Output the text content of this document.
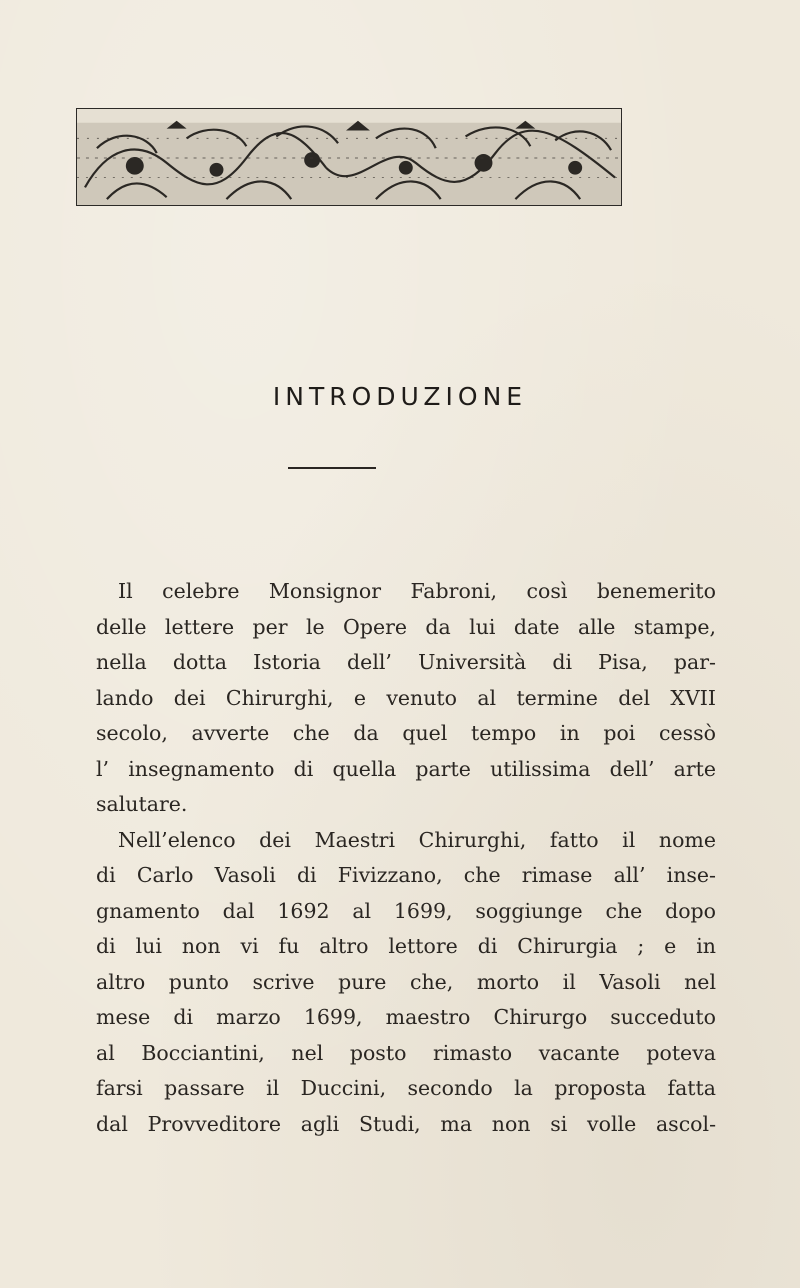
INTRODUZIONE
Il celebre Monsignor Fabroni, così benemerito
delle lettere per le Opere da lui date alle stampe,
nella dotta Istoria dell’ Università di Pisa, par-
lando dei Chirurghi, e venuto al termine del XVII
secolo, avverte che da quel tempo in poi cessò
l’ insegnamento di quella parte utilissima dell’ arte
salutare.
Nell’elenco dei Maestri Chirurghi, fatto il nome
di Carlo Vasoli di Fivizzano, che rimase all’ inse-
gnamento dal 1692 al 1699, soggiunge che dopo
di lui non vi fu altro lettore di Chirurgia ; e in
altro punto scrive pure che, morto il Vasoli nel
mese di marzo 1699, maestro Chirurgo succeduto
al Bocciantini, nel posto rimasto vacante poteva
farsi passare il Duccini, secondo la proposta fatta
dal Provveditore agli Studi, ma non si volle ascol-
